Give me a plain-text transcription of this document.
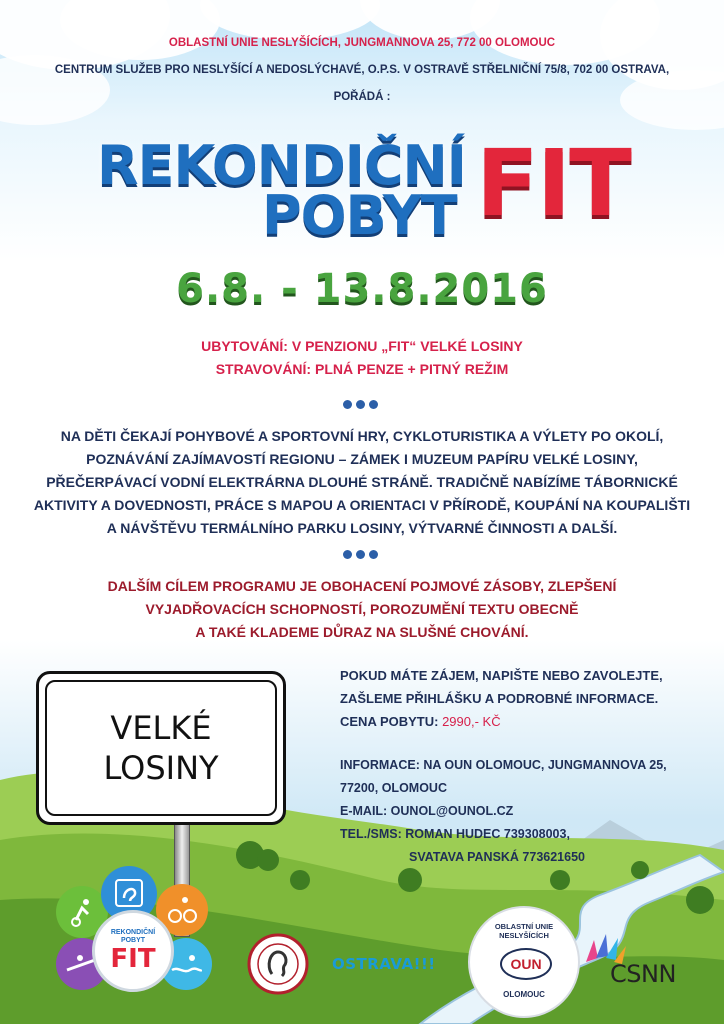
OBLASTNÍ UNIE NESLYŠÍCÍCH, JUNGMANNOVA 25, 772 00 OLOMOUC
CENTRUM SLUŽEB PRO NESLYŠÍCÍ A NEDOSLÝCHAVÉ, O.P.S. V OSTRAVĚ STŘELNIČNÍ 75/8, 702 00 OSTRAVA,
POŘÁDÁ :
REKONDIČNÍ
POBYT FIT
6.8. - 13.8.2016
UBYTOVÁNÍ: V PENZIONU „FIT“ VELKÉ LOSINY
STRAVOVÁNÍ: PLNÁ PENZE + PITNÝ REŽIM
NA DĚTI ČEKAJÍ POHYBOVÉ A SPORTOVNÍ HRY, CYKLOTURISTIKA A VÝLETY PO OKOLÍ,
POZNÁVÁNÍ ZAJÍMAVOSTÍ REGIONU – ZÁMEK I MUZEUM PAPÍRU VELKÉ LOSINY,
PŘEČERPÁVACÍ VODNÍ ELEKTRÁRNA DLOUHÉ STRÁNĚ. TRADIČNĚ NABÍZÍME TÁBORNICKÉ
AKTIVITY A DOVEDNOSTI, PRÁCE S MAPOU A ORIENTACI V PŘÍRODĚ, KOUPÁNÍ NA KOUPALIŠTI
A NÁVŠTĚVU TERMÁLNÍHO PARKU LOSINY, VÝTVARNÉ ČINNOSTI A DALŠÍ.
DALŠÍM CÍLEM PROGRAMU JE OBOHACENÍ POJMOVÉ ZÁSOBY, ZLEPŠENÍ
VYJADŘOVACÍCH SCHOPNOSTÍ, POROZUMĚNÍ TEXTU OBECNĚ
A TAKÉ KLADEME DŮRAZ NA SLUŠNÉ CHOVÁNÍ.
POKUD MÁTE ZÁJEM, NAPIŠTE NEBO ZAVOLEJTE,
ZAŠLEME PŘIHLÁŠKU A PODROBNÉ INFORMACE.
CENA POBYTU: 2990,- KČ
INFORMACE: NA OUN OLOMOUC, JUNGMANNOVA 25,
77200, OLOMOUC
E-MAIL: OUNOL@OUNOL.CZ
TEL./SMS: ROMAN HUDEC 739308003,
SVATAVA PANSKÁ 773621650
VELKÉ
LOSINY
REKONDIČNÍ POBYT
FIT	OSTRAVA!!!
OBLASTNÍ UNIE NESLYŠÍCÍCH
OUN
OLOMOUC
CSNN
